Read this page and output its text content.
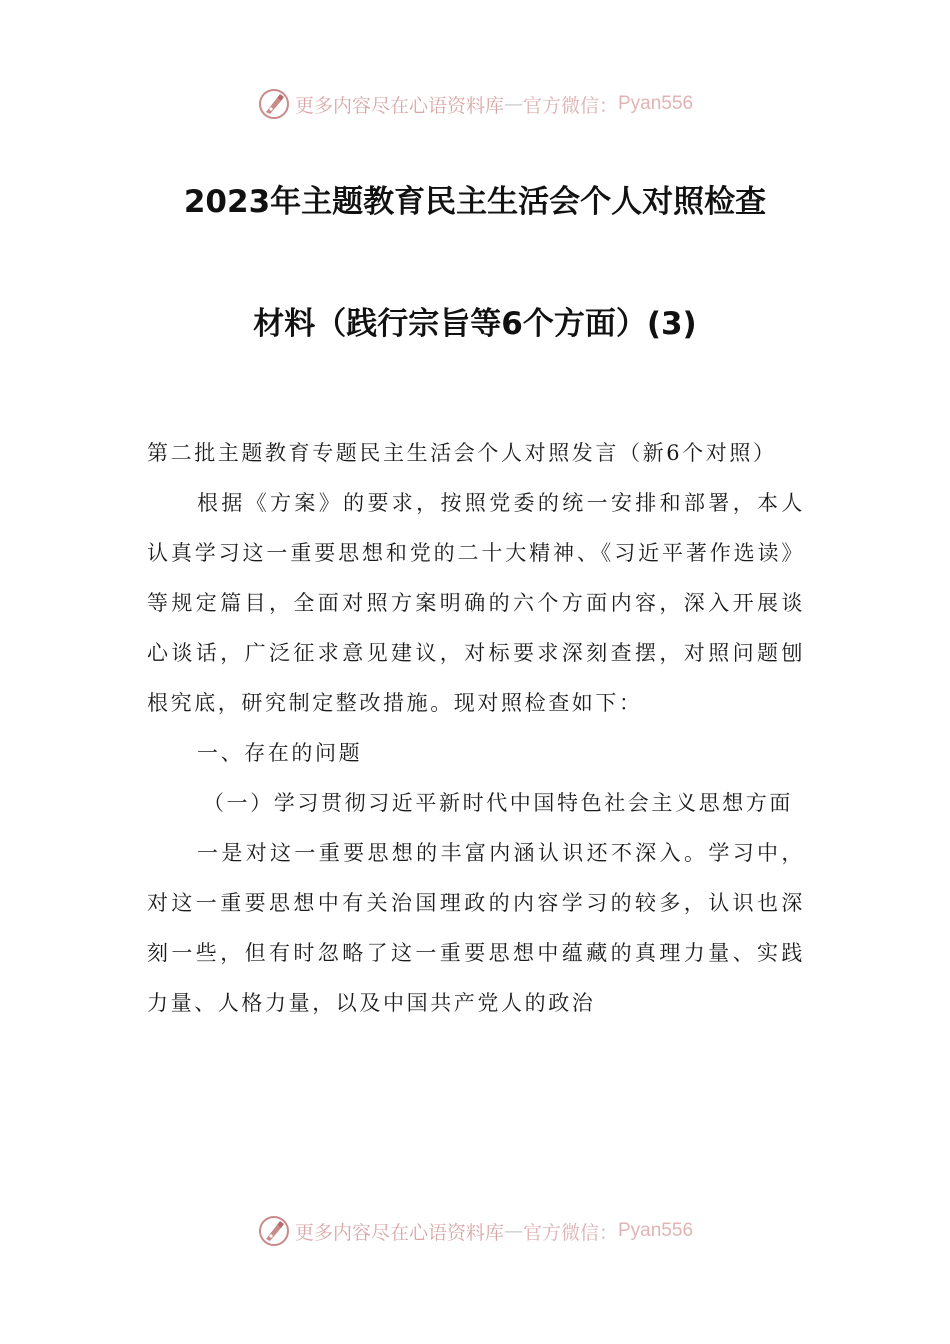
更多内容尽在心语资料库 — 官方微信： Pyan556
2023年主题教育民主生活会个人对照检查
材料（践行宗旨等6个方面）(3)

第二批主题教育专题民主生活会个人对照发言（新6个对照）

根据《方案》的要求，按照党委的统一安排和部署，本人认真学习这一重要思想和党的二十大精神、《习近平著作选读》等规定篇目，全面对照方案明确的六个方面内容，深入开展谈心谈话，广泛征求意见建议，对标要求深刻查摆，对照问题刨根究底，研究制定整改措施。现对照检查如下：

一、存在的问题

（一）学习贯彻习近平新时代中国特色社会主义思想方面

一是对这一重要思想的丰富内涵认识还不深入。学习中，对这一重要思想中有关治国理政的内容学习的较多，认识也深刻一些，但有时忽略了这一重要思想中蕴藏的真理力量、实践力量、人格力量，以及中国共产党人的政治

更多内容尽在心语资料库 — 官方微信： Pyan556
